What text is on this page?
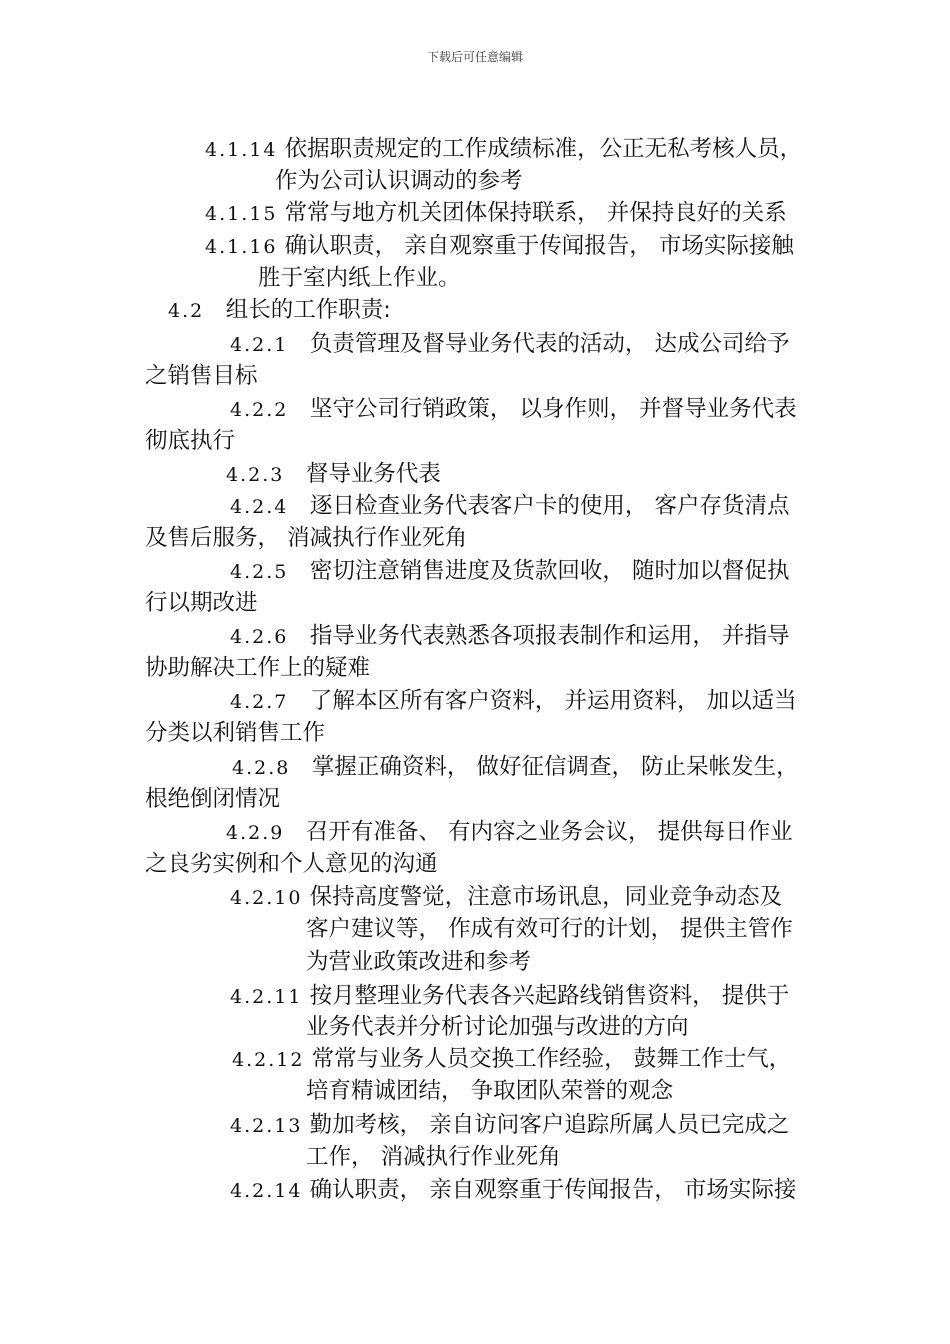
下载后可任意编辑
4.1.14 依据职责规定的工作成绩标准，公正无私考核人员，
作为公司认识调动的参考
4.1.15 常常与地方机关团体保持联系， 并保持良好的关系
4.1.16 确认职责， 亲自观察重于传闻报告， 市场实际接触
胜于室内纸上作业。
4.2 组长的工作职责:
4.2.1 负责管理及督导业务代表的活动， 达成公司给予
之销售目标
4.2.2 坚守公司行销政策， 以身作则， 并督导业务代表
彻底执行
4.2.3 督导业务代表
4.2.4 逐日检查业务代表客户卡的使用， 客户存货清点
及售后服务， 消减执行作业死角
4.2.5 密切注意销售进度及货款回收， 随时加以督促执
行以期改进
4.2.6 指导业务代表熟悉各项报表制作和运用， 并指导
协助解决工作上的疑难
4.2.7 了解本区所有客户资料， 并运用资料， 加以适当
分类以利销售工作
4.2.8 掌握正确资料， 做好征信调查， 防止呆帐发生，
根绝倒闭情况
4.2.9 召开有准备、 有内容之业务会议， 提供每日作业
之良劣实例和个人意见的沟通
4.2.10 保持高度警觉，注意市场讯息，同业竞争动态及
客户建议等， 作成有效可行的计划， 提供主管作
为营业政策改进和参考
4.2.11 按月整理业务代表各兴起路线销售资料， 提供于
业务代表并分析讨论加强与改进的方向
4.2.12 常常与业务人员交换工作经验， 鼓舞工作士气，
培育精诚团结， 争取团队荣誉的观念
4.2.13 勤加考核， 亲自访问客户追踪所属人员已完成之
工作， 消减执行作业死角
4.2.14 确认职责， 亲自观察重于传闻报告， 市场实际接
